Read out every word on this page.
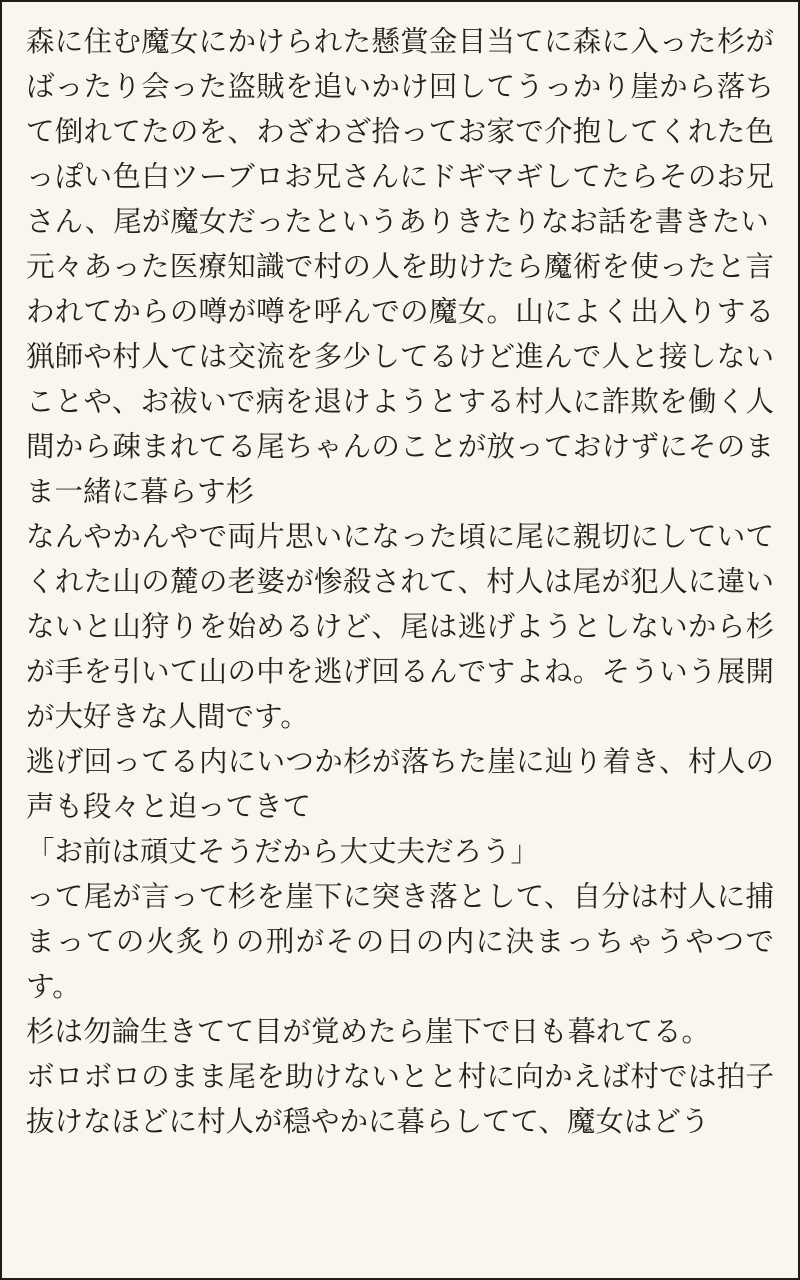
森に住む魔女にかけられた懸賞金目当てに森に入った杉がばったり会った盗賊を追いかけ回してうっかり崖から落ちて倒れてたのを、わざわざ拾ってお家で介抱してくれた色っぽい色白ツーブロお兄さんにドギマギしてたらそのお兄さん、尾が魔女だったというありきたりなお話を書きたい

元々あった医療知識で村の人を助けたら魔術を使ったと言われてからの噂が噂を呼んでの魔女。山によく出入りする猟師や村人ては交流を多少してるけど進んで人と接しないことや、お祓いで病を退けようとする村人に詐欺を働く人間から疎まれてる尾ちゃんのことが放っておけずにそのまま一緒に暮らす杉

なんやかんやで両片思いになった頃に尾に親切にしていてくれた山の麓の老婆が惨殺されて、村人は尾が犯人に違いないと山狩りを始めるけど、尾は逃げようとしないから杉が手を引いて山の中を逃げ回るんですよね。そういう展開が大好きな人間です。

逃げ回ってる内にいつか杉が落ちた崖に辿り着き、村人の声も段々と迫ってきて

「お前は頑丈そうだから大丈夫だろう」

って尾が言って杉を崖下に突き落として、自分は村人に捕まっての火炙りの刑がその日の内に決まっちゃうやつです。

杉は勿論生きてて目が覚めたら崖下で日も暮れてる。

ボロボロのまま尾を助けないとと村に向かえば村では拍子抜けなほどに村人が穏やかに暮らしてて、魔女はどう
